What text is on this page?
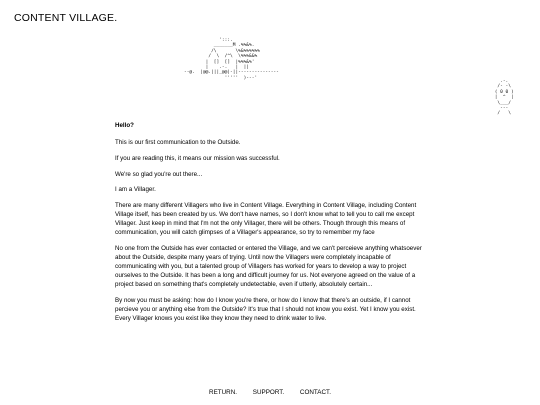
CONTENT VILLAGE.
':::.
_______M .%%&%.
/\       \%&%%%%%%
/  \  /^\  \%%%&&%
|  []  []  |%%%&%'
|    .-.   |  ||
--@.  |@@.|||_@@|-||---------------
'''''  )---'
.-.
/- -\
( 0 0 )
|  ^  |
\___/
---
/   \

Hello?

This is our first communication to the Outside.

If you are reading this, it means our mission was successful.

We're so glad you're out there...

I am a Villager.

There are many different Villagers who live in Content Village. Everything in Content Village, including Content Village itself, has been created by us. We don't have names, so I don't know what to tell you to call me except Villager. Just keep in mind that I'm not the only Villager, there will be others. Though through this means of communication, you will catch glimpses of a Villager's appearance, so try to remember my face

No one from the Outside has ever contacted or entered the Village, and we can't perceieve anything whatsoever about the Outside, despite many years of trying. Until now the Villagers were completely incapable of communicating with you, but a talented group of Villagers has worked for years to develop a way to project ourselves to the Outside. It has been a long and difficult journey for us. Not everyone agreed on the value of a project based on something that's completely undetectable, even if utterly, absolutely certain...

By now you must be asking: how do I know you're there, or how do I know that there's an outside, if I cannot percieve you or anything else from the Outside? It's true that I should not know you exist. Yet I know you exist. Every Villager knows you exist like they know they need to drink water to live.

RETURN.	SUPPORT.	CONTACT.
